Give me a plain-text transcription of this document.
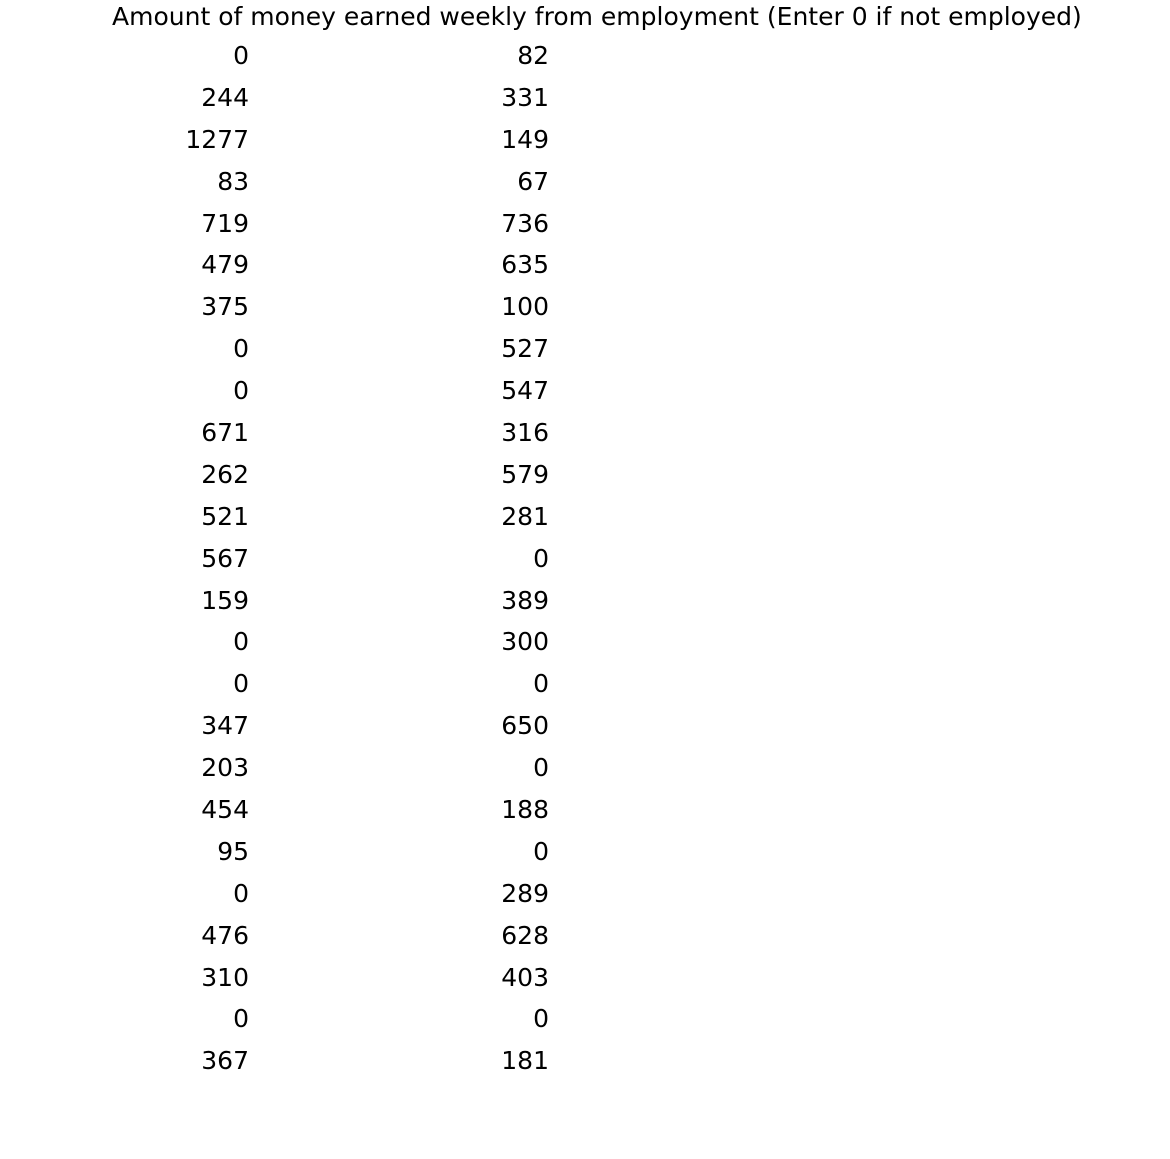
Amount of money earned weekly from employment (Enter 0 if not employed)
0	82
244	331
1277	149
83	67
719	736
479	635
375	100
0	527
0	547
671	316
262	579
521	281
567	0
159	389
0	300
0	0
347	650
203	0
454	188
95	0
0	289
476	628
310	403
0	0
367	181
